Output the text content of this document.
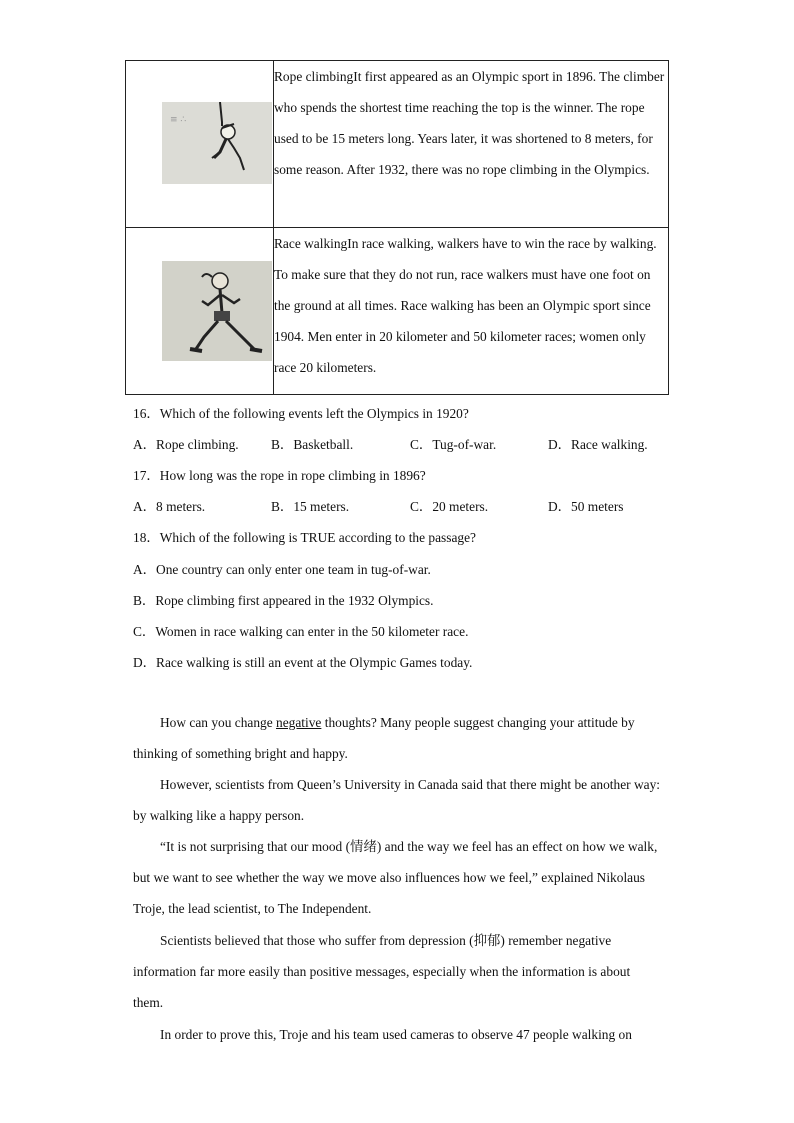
≡ ∴	Rope climbingIt first appeared as an Olympic sport in 1896. The climber who spends the shortest time reaching the top is the winner. The rope used to be 15 meters long. Years later, it was shortened to 8 meters, for some reason. After 1932, there was no rope climbing in the Olympics.

	Race walkingIn race walking, walkers have to win the race by walking. To make sure that they do not run, race walkers must have one foot on the ground at all times. Race walking has been an Olympic sport since 1904. Men enter in 20 kilometer and 50 kilometer races; women only race 20 kilometers.
16．Which of the following events left the Olympics in 1920?
A．Rope climbing. B．Basketball.	C．Tug-of-war.	D．Race walking.
17．How long was the rope in rope climbing in 1896?
A．8 meters.	B．15 meters.	C．20 meters.	D．50 meters
18．Which of the following is TRUE according to the passage?
A．One country can only enter one team in tug-of-war.
B．Rope climbing first appeared in the 1932 Olympics.
C．Women in race walking can enter in the 50 kilometer race.
D．Race walking is still an event at the Olympic Games today.

How can you change negative thoughts? Many people suggest changing your attitude by thinking of something bright and happy.

However, scientists from Queen’s University in Canada said that there might be another way: by walking like a happy person.

“It is not surprising that our mood (情绪) and the way we feel has an effect on how we walk, but we want to see whether the way we move also influences how we feel,” explained Nikolaus Troje, the lead scientist, to The Independent.

Scientists believed that those who suffer from depression (抑郁) remember negative information far more easily than positive messages, especially when the information is about them.

In order to prove this, Troje and his team used cameras to observe 47 people walking on
